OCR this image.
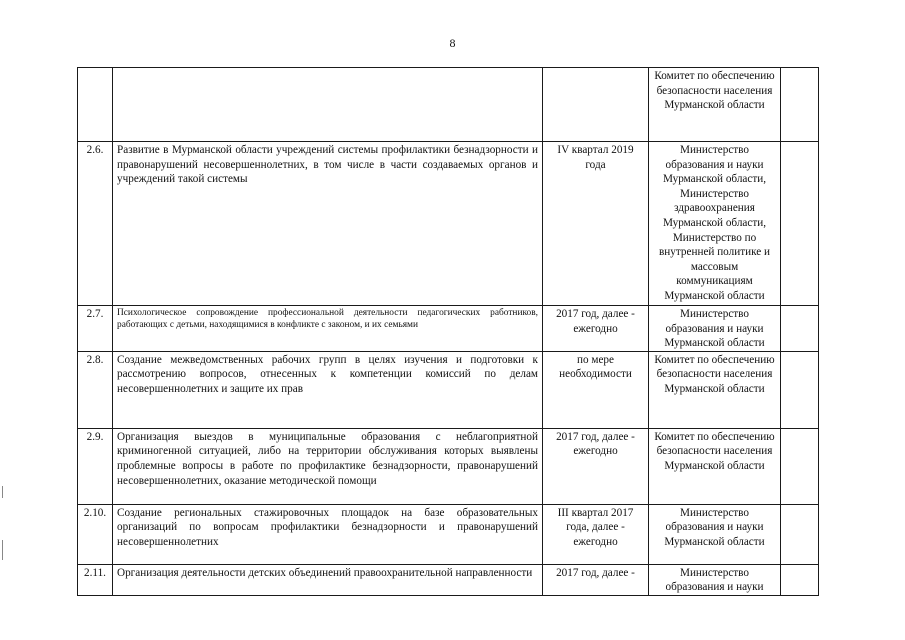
8
			Комитет по обеспечению безопасности населения Мурманской области	
2.6.	Развитие в Мурманской области учреждений системы профилактики безнадзорности и правонарушений несовершеннолетних, в том числе в части создаваемых органов и учреждений такой системы	IV квартал 2019 года	Министерство образования и науки Мурманской области, Министерство здравоохранения Мурманской области, Министерство по внутренней политике и массовым коммуникациям Мурманской области	
2.7.	Психологическое сопровождение профессиональной деятельности педагогических работников, работающих с детьми, находящимися в конфликте с законом, и их семьями	2017 год, далее - ежегодно	Министерство образования и науки Мурманской области	
2.8.	Создание межведомственных рабочих групп в целях изучения и подготовки к рассмотрению вопросов, отнесенных к компетенции комиссий по делам несовершеннолетних и защите их прав	по мере необходимости	Комитет по обеспечению безопасности населения Мурманской области	
2.9.	Организация выездов в муниципальные образования с неблагоприятной криминогенной ситуацией, либо на территории обслуживания которых выявлены проблемные вопросы в работе по профилактике безнадзорности, правонарушений несовершеннолетних, оказание методической помощи	2017 год, далее - ежегодно	Комитет по обеспечению безопасности населения Мурманской области	
2.10.	Создание региональных стажировочных площадок на базе образовательных организаций по вопросам профилактики безнадзорности и правонарушений несовершеннолетних	III квартал 2017 года, далее - ежегодно	Министерство образования и науки Мурманской области	
2.11.	Организация деятельности детских объединений правоохранительной направленности	2017 год, далее -	Министерство образования и науки	
